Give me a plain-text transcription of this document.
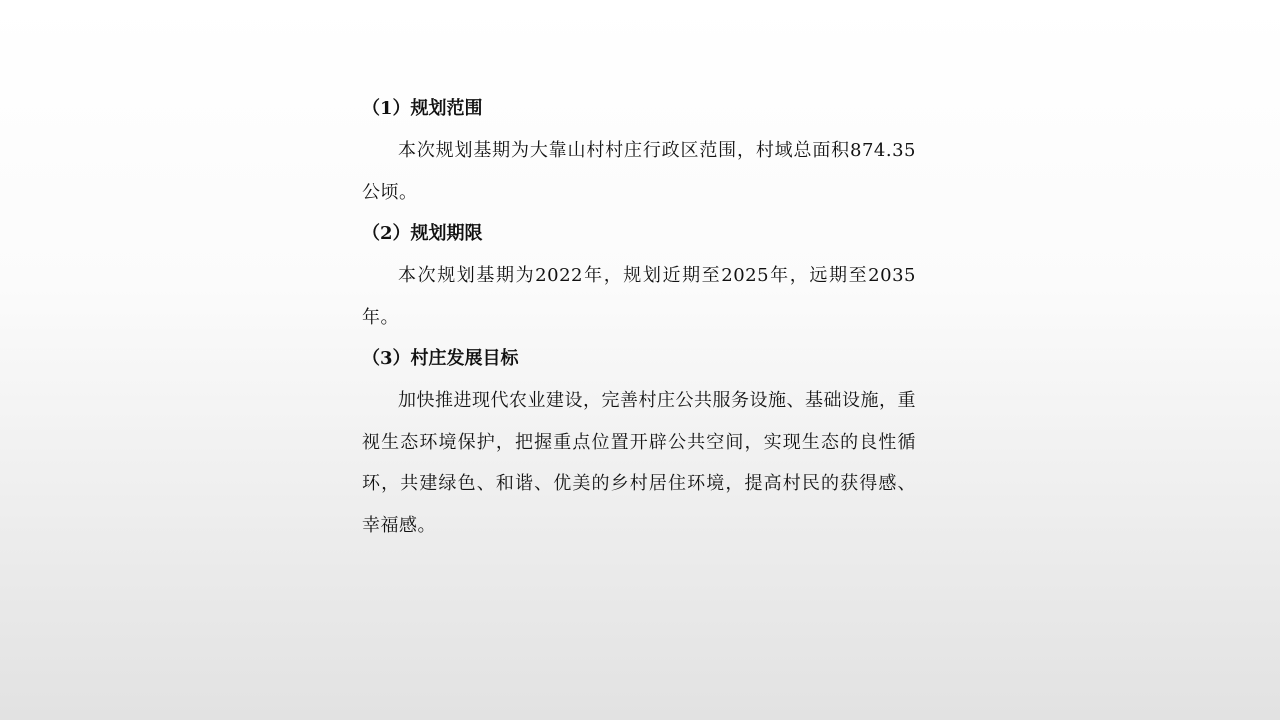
（1）规划范围

本次规划基期为大靠山村村庄行政区范围，村域总面积874.35公顷。

（2）规划期限

本次规划基期为2022年，规划近期至2025年，远期至2035年。

（3）村庄发展目标

加快推进现代农业建设，完善村庄公共服务设施、基础设施，重视生态环境保护，把握重点位置开辟公共空间，实现生态的良性循环，共建绿色、和谐、优美的乡村居住环境，提高村民的获得感、幸福感。
